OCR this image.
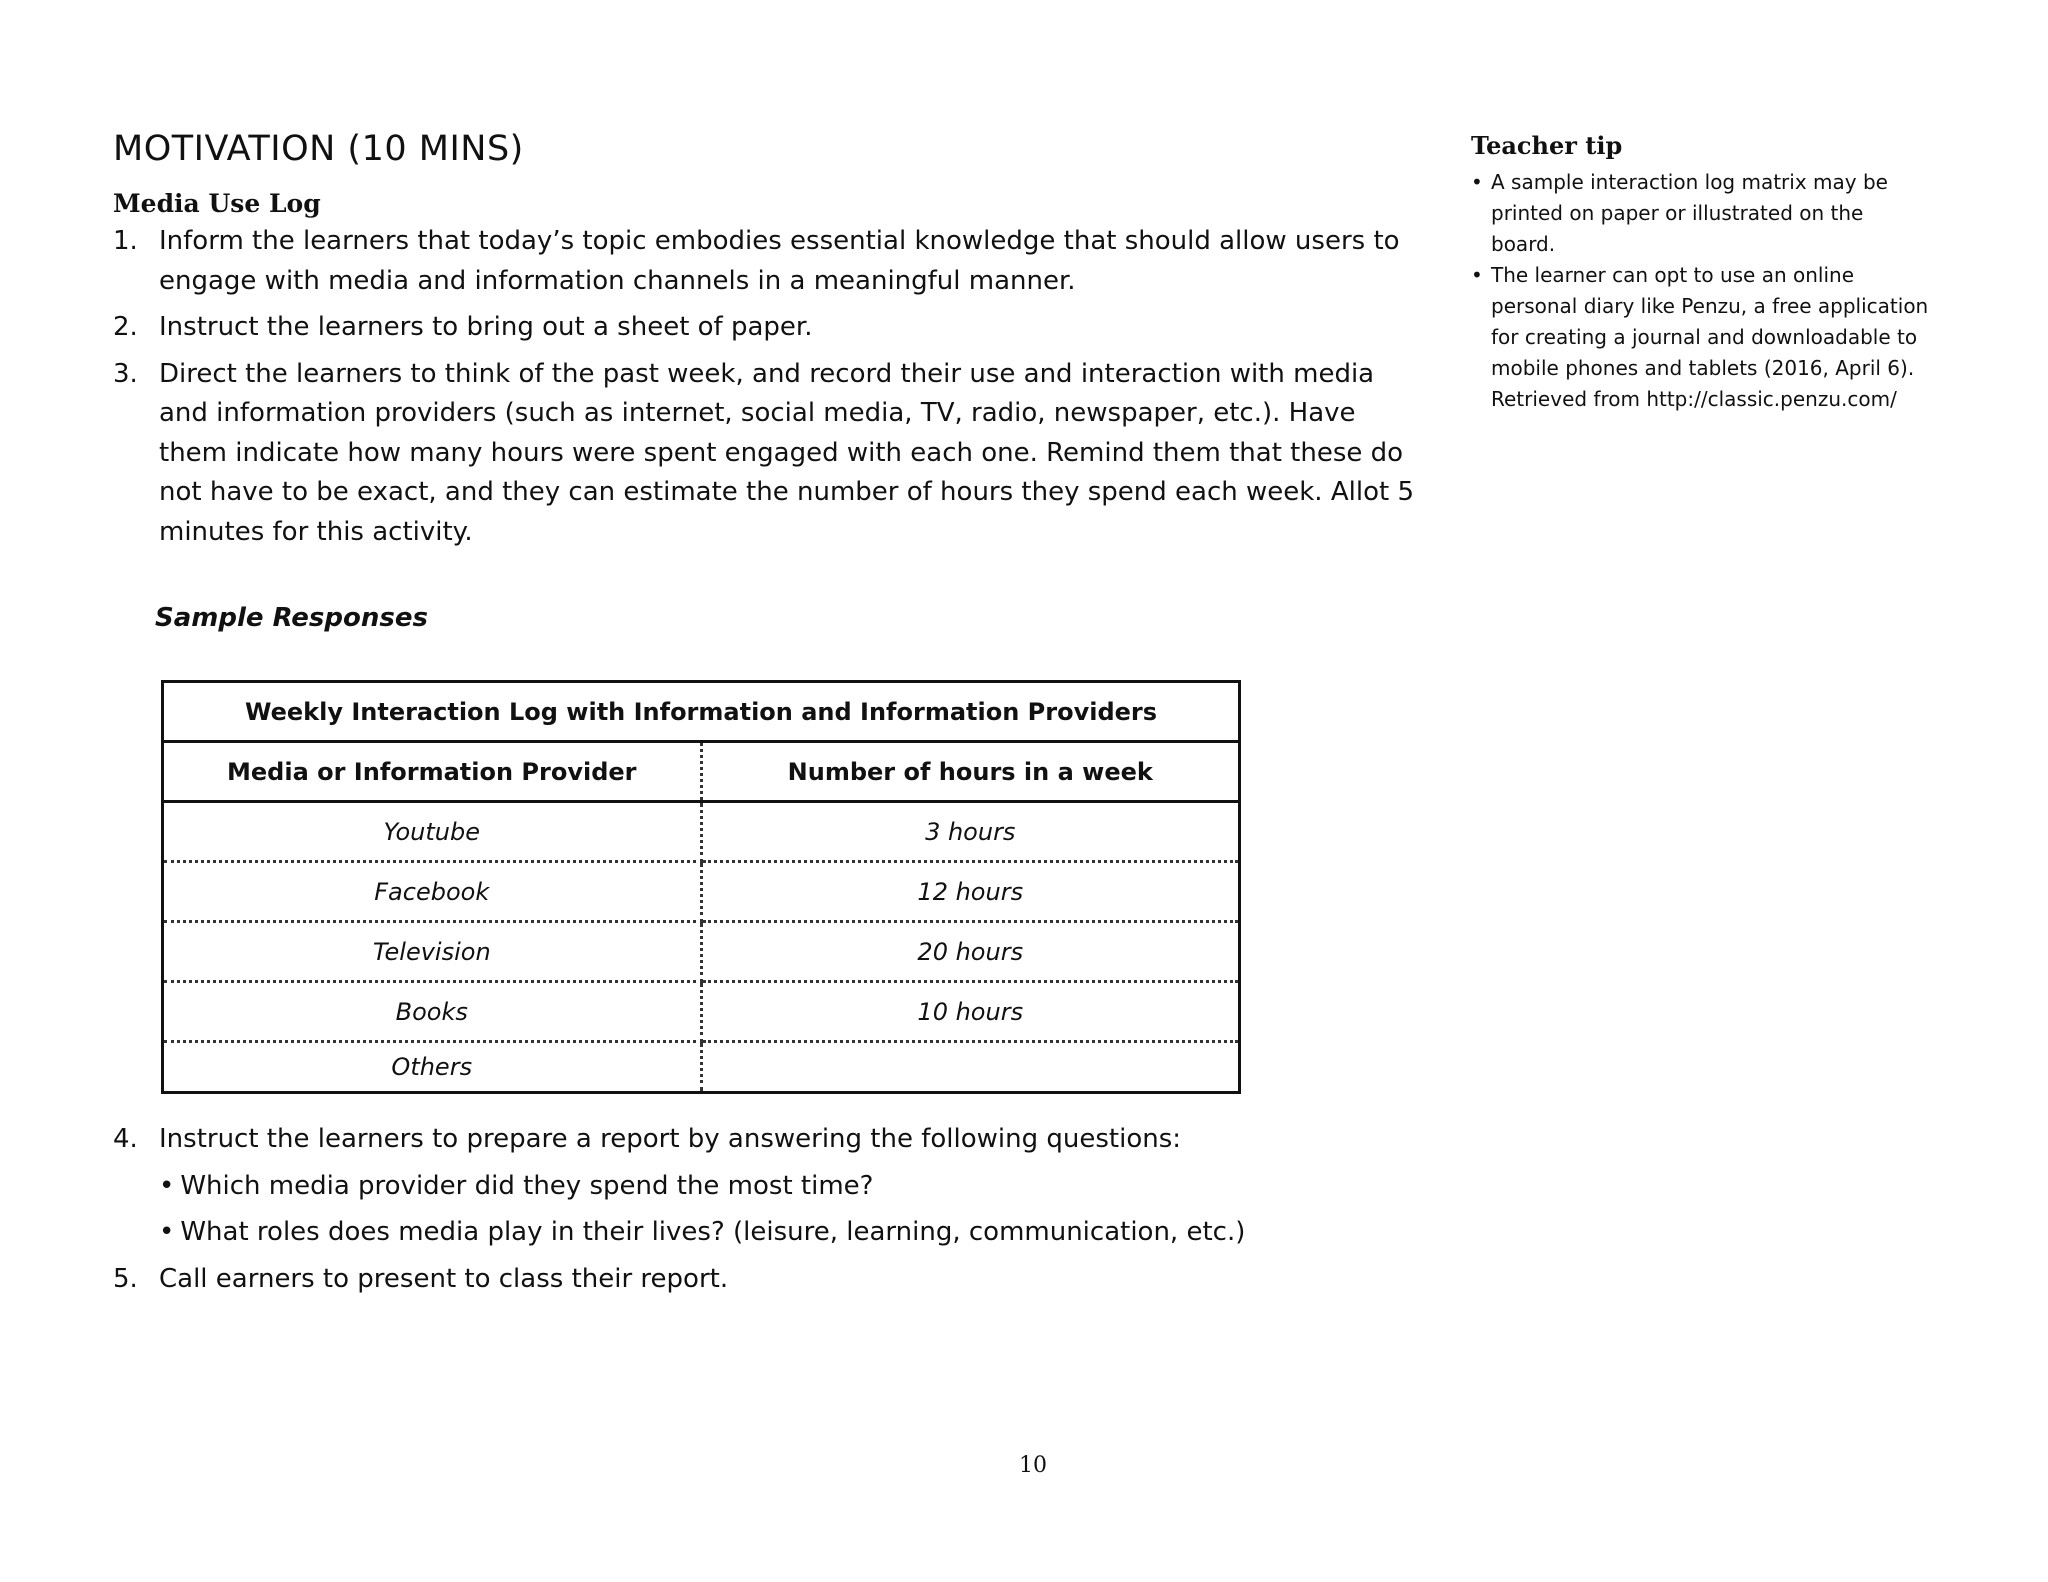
MOTIVATION (10 MINS)
Media Use Log
1. Inform the learners that today’s topic embodies essential knowledge that should allow users to engage with media and information channels in a meaningful manner.
2. Instruct the learners to bring out a sheet of paper.
3. Direct the learners to think of the past week, and record their use and interaction with media and information providers (such as internet, social media, TV, radio, newspaper, etc.). Have them indicate how many hours were spent engaged with each one. Remind them that these do not have to be exact, and they can estimate the number of hours they spend each week. Allot 5 minutes for this activity.
Sample Responses
Weekly Interaction Log with Information and Information Providers	
Media or Information Provider	Number of hours in a week
Youtube	3 hours
Facebook	12 hours
Television	20 hours
Books	10 hours
Others	
4. Instruct the learners to prepare a report by answering the following questions:
• Which media provider did they spend the most time?
• What roles does media play in their lives? (leisure, learning, communication, etc.)
5. Call earners to present to class their report.
Teacher tip
• A sample interaction log matrix may be printed on paper or illustrated on the board.
• The learner can opt to use an online personal diary like Penzu, a free application for creating a journal and downloadable to mobile phones and tablets (2016, April 6). Retrieved from http://classic.penzu.com/
10
